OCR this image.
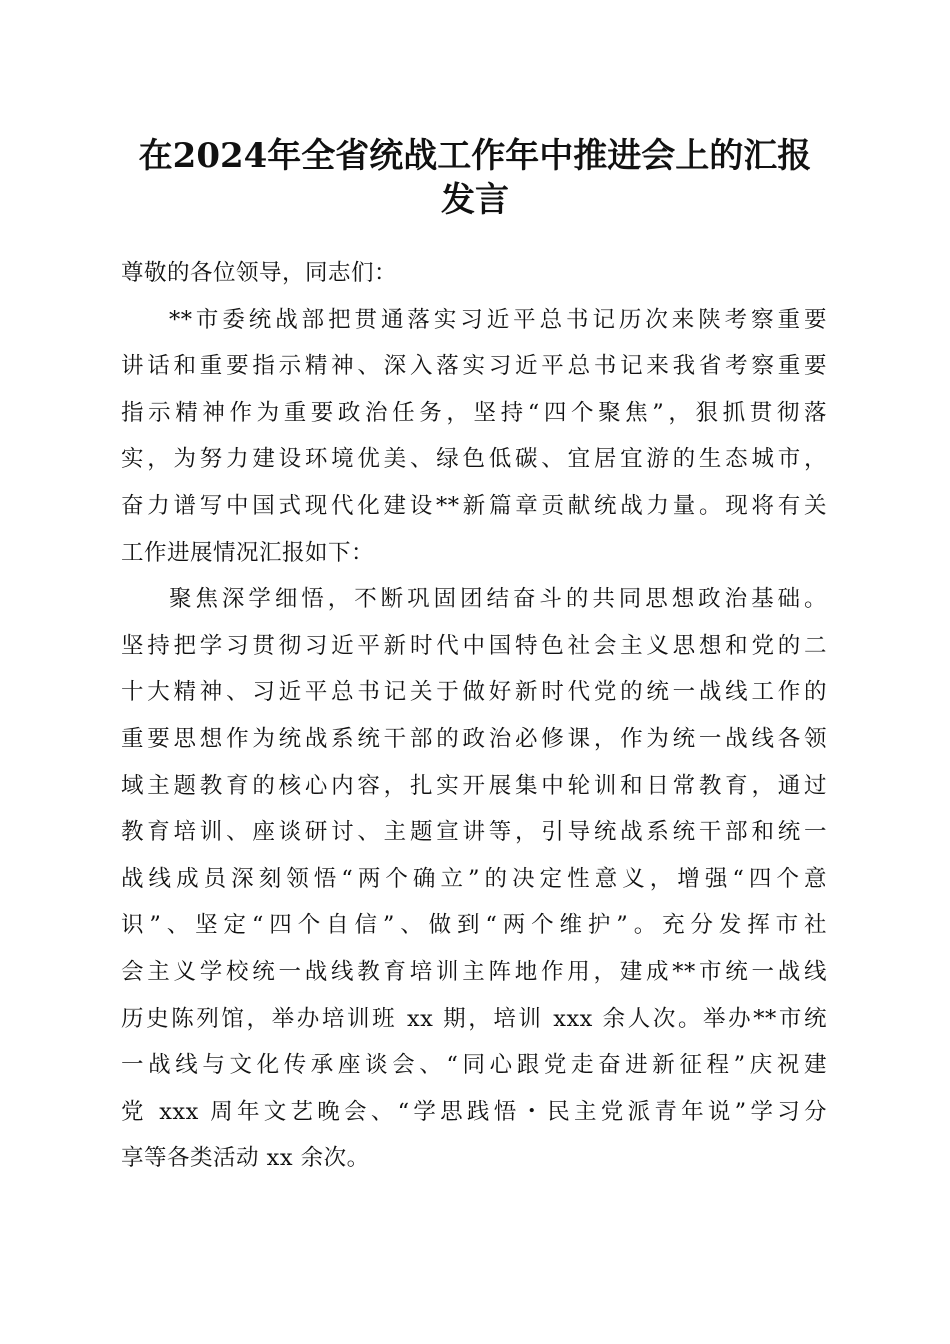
在2024年全省统战工作年中推进会上的汇报
发言

尊敬的各位领导，同志们：

**市委统战部把贯通落实习近平总书记历次来陕考察重要
讲话和重要指示精神、深入落实习近平总书记来我省考察重要
指示精神作为重要政治任务，坚持“四个聚焦”，狠抓贯彻落
实，为努力建设环境优美、绿色低碳、宜居宜游的生态城市，
奋力谱写中国式现代化建设**新篇章贡献统战力量。现将有关
工作进展情况汇报如下：

聚焦深学细悟，不断巩固团结奋斗的共同思想政治基础。
坚持把学习贯彻习近平新时代中国特色社会主义思想和党的二
十大精神、习近平总书记关于做好新时代党的统一战线工作的
重要思想作为统战系统干部的政治必修课，作为统一战线各领
域主题教育的核心内容，扎实开展集中轮训和日常教育，通过
教育培训、座谈研讨、主题宣讲等，引导统战系统干部和统一
战线成员深刻领悟“两个确立”的决定性意义，增强“四个意
识”、坚定“四个自信”、做到“两个维护”。充分发挥市社
会主义学校统一战线教育培训主阵地作用，建成**市统一战线
历史陈列馆，举办培训班 xx 期，培训 xxx 余人次。举办**市统
一战线与文化传承座谈会、“同心跟党走奋进新征程”庆祝建
党 xxx 周年文艺晚会、“学思践悟・民主党派青年说”学习分
享等各类活动 xx 余次。
